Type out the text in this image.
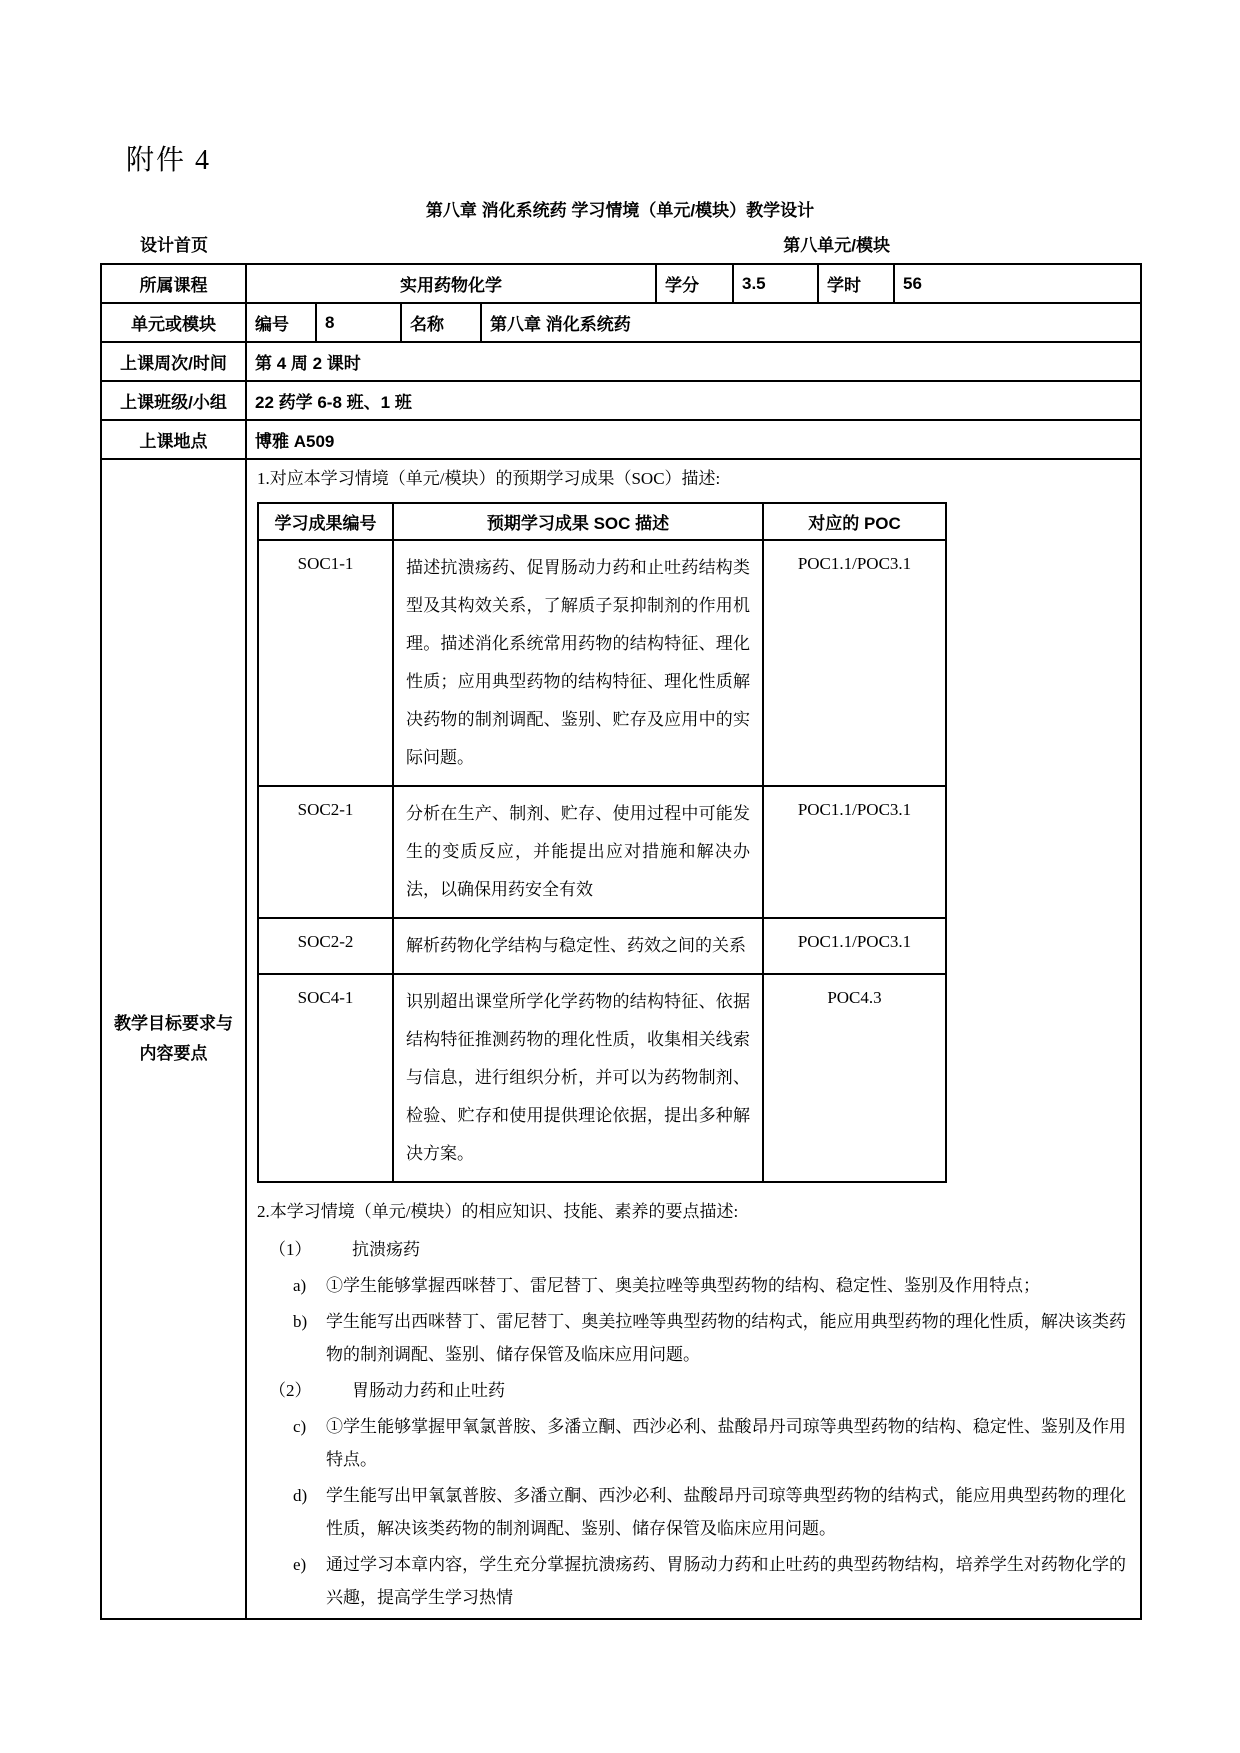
附件 4
第八章 消化系统药 学习情境（单元/模块）教学设计
设计首页	第八单元/模块
所属课程	实用药物化学	学分	3.5	学时	56
单元或模块	编号	8	名称	第八章 消化系统药
上课周次/时间	第 4 周 2 课时
上课班级/小组	22 药学 6-8 班、1 班
上课地点	博雅 A509

教学目标要求与
内容要点

1.对应本学习情境（单元/模块）的预期学习成果（SOC）描述:
学习成果编号	预期学习成果 SOC 描述	对应的 POC
SOC1-1	描述抗溃疡药、促胃肠动力药和止吐药结构类型及其构效关系，了解质子泵抑制剂的作用机理。描述消化系统常用药物的结构特征、理化性质；应用典型药物的结构特征、理化性质解决药物的制剂调配、鉴别、贮存及应用中的实际问题。	POC1.1/POC3.1
SOC2-1	分析在生产、制剂、贮存、使用过程中可能发生的变质反应，并能提出应对措施和解决办法，以确保用药安全有效	POC1.1/POC3.1
SOC2-2	解析药物化学结构与稳定性、药效之间的关系	POC1.1/POC3.1
SOC4-1	识别超出课堂所学化学药物的结构特征、依据结构特征推测药物的理化性质，收集相关线索与信息，进行组织分析，并可以为药物制剂、检验、贮存和使用提供理论依据，提出多种解决方案。	POC4.3
2.本学习情境（单元/模块）的相应知识、技能、素养的要点描述:
（1）	抗溃疡药
a)	①学生能够掌握西咪替丁、雷尼替丁、奥美拉唑等典型药物的结构、稳定性、鉴别及作用特点；
b)	学生能写出西咪替丁、雷尼替丁、奥美拉唑等典型药物的结构式，能应用典型药物的理化性质，解决该类药物的制剂调配、鉴别、储存保管及临床应用问题。
（2）	胃肠动力药和止吐药
c)	①学生能够掌握甲氧氯普胺、多潘立酮、西沙必利、盐酸昂丹司琼等典型药物的结构、稳定性、鉴别及作用特点。
d)	学生能写出甲氧氯普胺、多潘立酮、西沙必利、盐酸昂丹司琼等典型药物的结构式，能应用典型药物的理化性质，解决该类药物的制剂调配、鉴别、储存保管及临床应用问题。
e)	通过学习本章内容，学生充分掌握抗溃疡药、胃肠动力药和止吐药的典型药物结构，培养学生对药物化学的兴趣，提高学生学习热情
